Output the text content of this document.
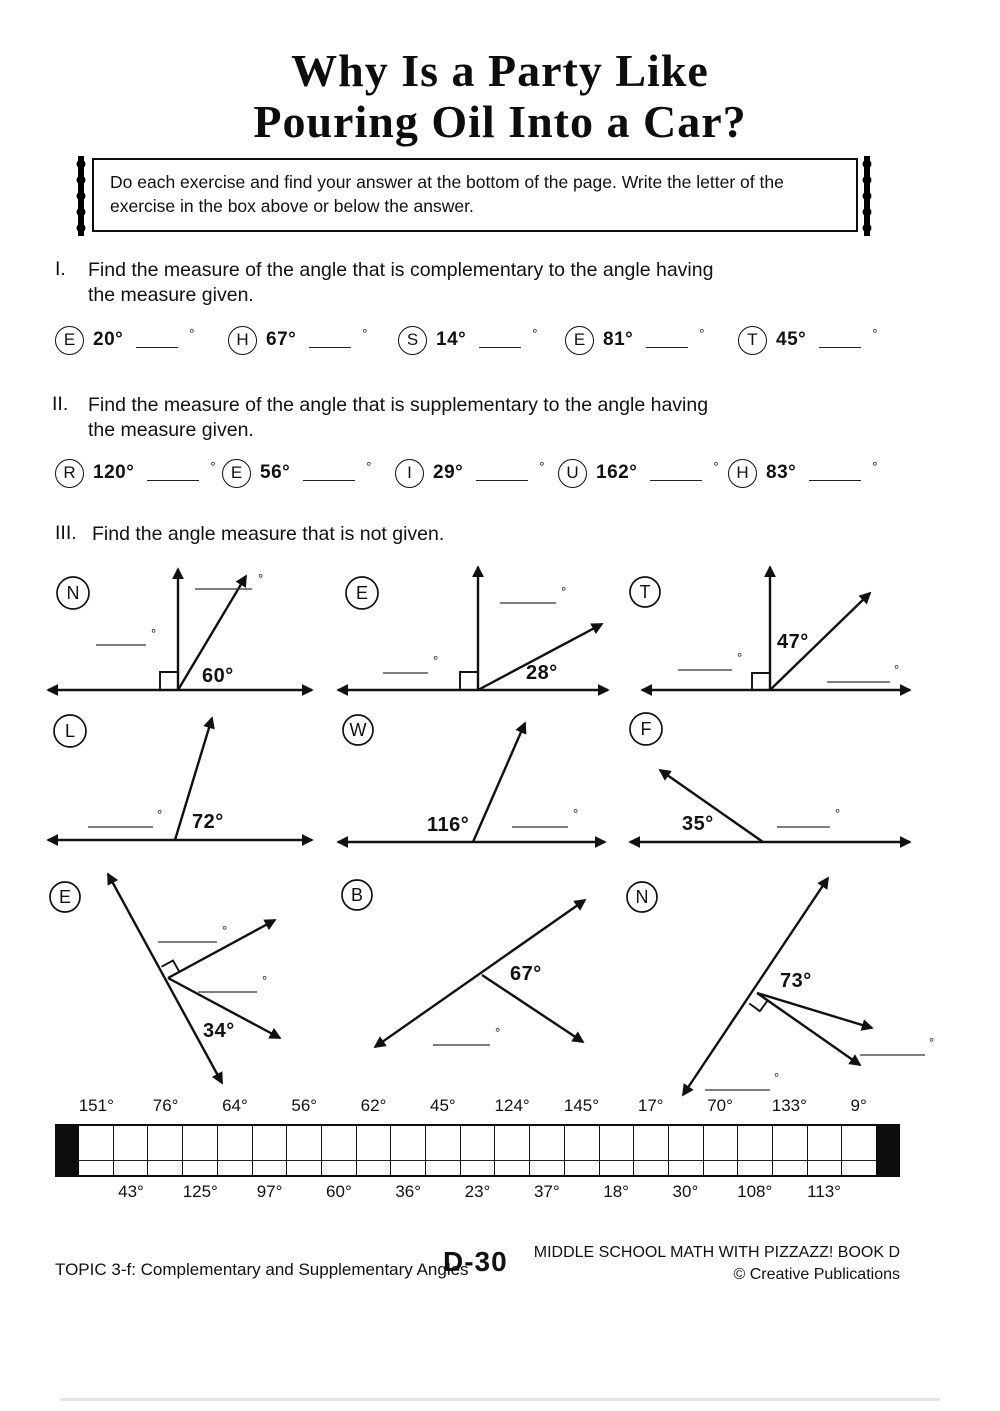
Why Is a Party Like
Pouring Oil Into a Car?
Do each exercise and find your answer at the bottom of the page. Write the letter of the exercise in the box above or below the answer.
I. Find the measure of the angle that is complementary to the angle having the measure given.
E 20°	°	H 67°	°	S 14°	°	E 81°	°	T 45°	°
II. Find the measure of the angle that is supplementary to the angle having the measure given.
R 120°	° E 56°	°	I	29°	°	U 162°	°	H 83°	°
III. Find the angle measure that is not given.
N
°
°
60°
E	°
°
28°
T
47°
°
°
L
72°
°
W
116°
°
F
35°	°
E
°
°
34°
B
67°
°
N
73°
°
°
151° 76°	64°	56°	62°	45° 124° 145° 17°	70° 133°	9°
43° 125° 97°	60°	36°	23°	37°	18°	30° 108° 113°
TOPIC 3-f: Complementary and Supplementary Angles
D-30 MIDDLE SCHOOL MATH WITH PIZZAZZ! BOOK D
© Creative Publications
